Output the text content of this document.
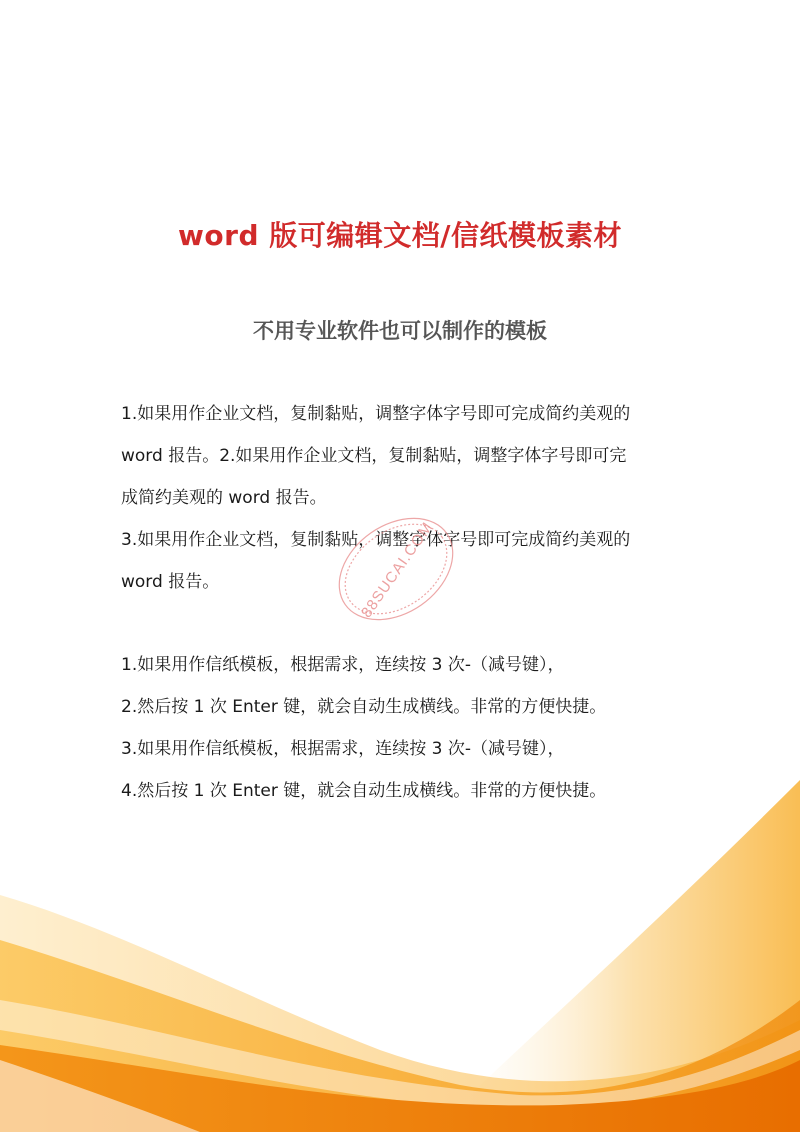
word 版可编辑文档/信纸模板素材
不用专业软件也可以制作的模板
1.如果用作企业文档，复制黏贴，调整字体字号即可完成简约美观的
word 报告。2.如果用作企业文档，复制黏贴，调整字体字号即可完
成简约美观的 word 报告。
3.如果用作企业文档，复制黏贴，调整字体字号即可完成简约美观的
word 报告。
1.如果用作信纸模板，根据需求，连续按 3 次-（减号键），
2.然后按 1 次 Enter 键，就会自动生成横线。非常的方便快捷。
3.如果用作信纸模板，根据需求，连续按 3 次-（减号键），
4.然后按 1 次 Enter 键，就会自动生成横线。非常的方便快捷。
88SUCAI.COM
